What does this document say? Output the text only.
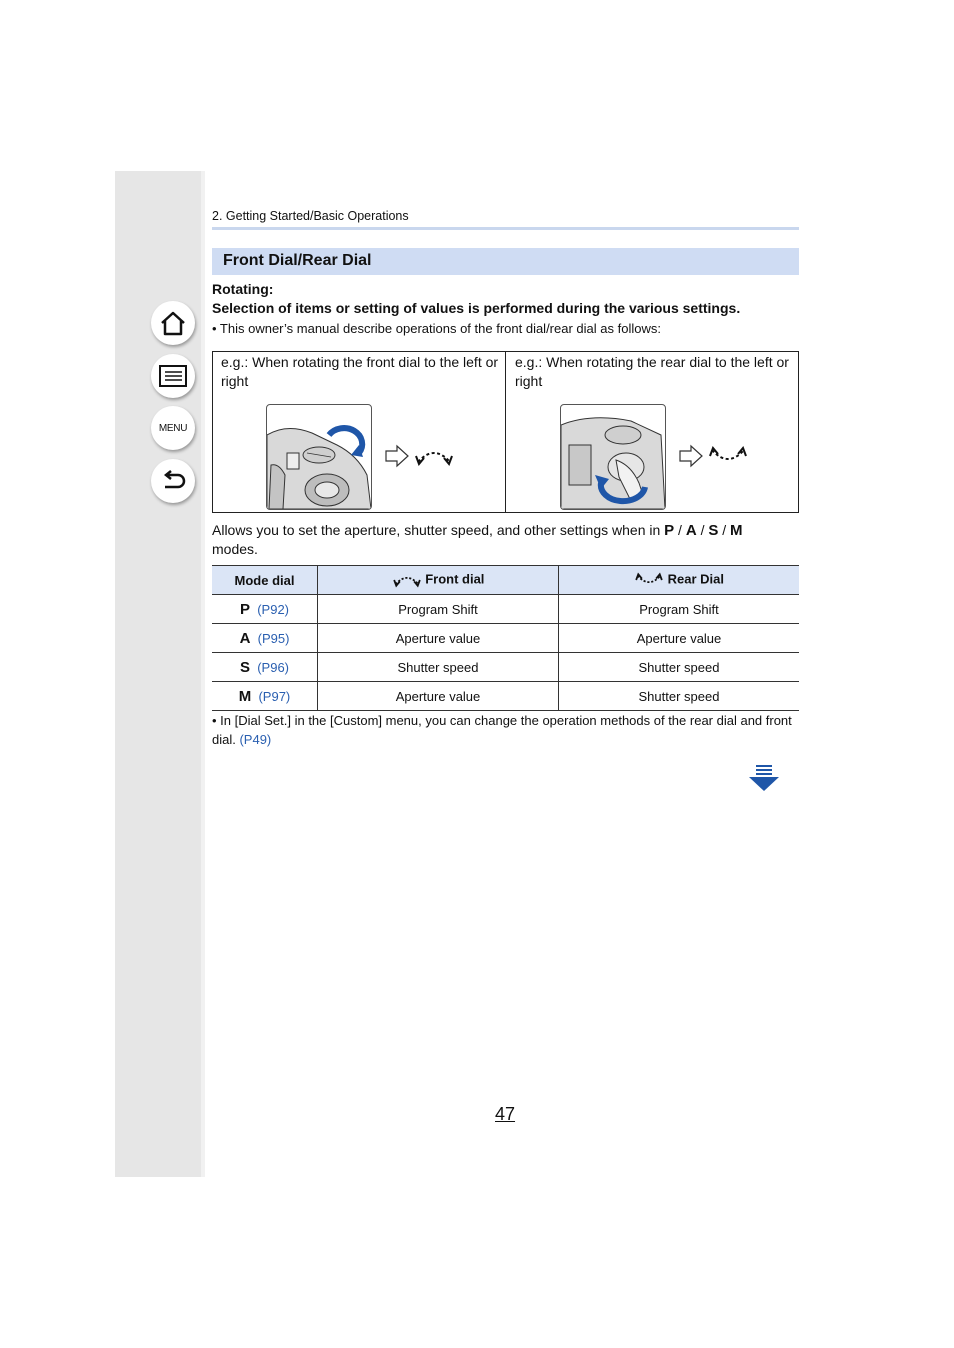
MENU
2. Getting Started/Basic Operations
Front Dial/Rear Dial
Rotating:
Selection of items or setting of values is performed during the various settings.
• This owner’s manual describe operations of the front dial/rear dial as follows:
e.g.: When rotating the front dial to the left or right
e.g.: When rotating the rear dial to the left or right
Allows you to set the aperture, shutter speed, and other settings when in P / A / S / M
modes.
Mode dial	Front dial	Rear Dial
P (P92)	Program Shift	Program Shift
A (P95)	Aperture value	Aperture value
S (P96)	Shutter speed	Shutter speed
M (P97)	Aperture value	Shutter speed
• In [Dial Set.] in the [Custom] menu, you can change the operation methods of the rear dial and front dial. (P49)
47
